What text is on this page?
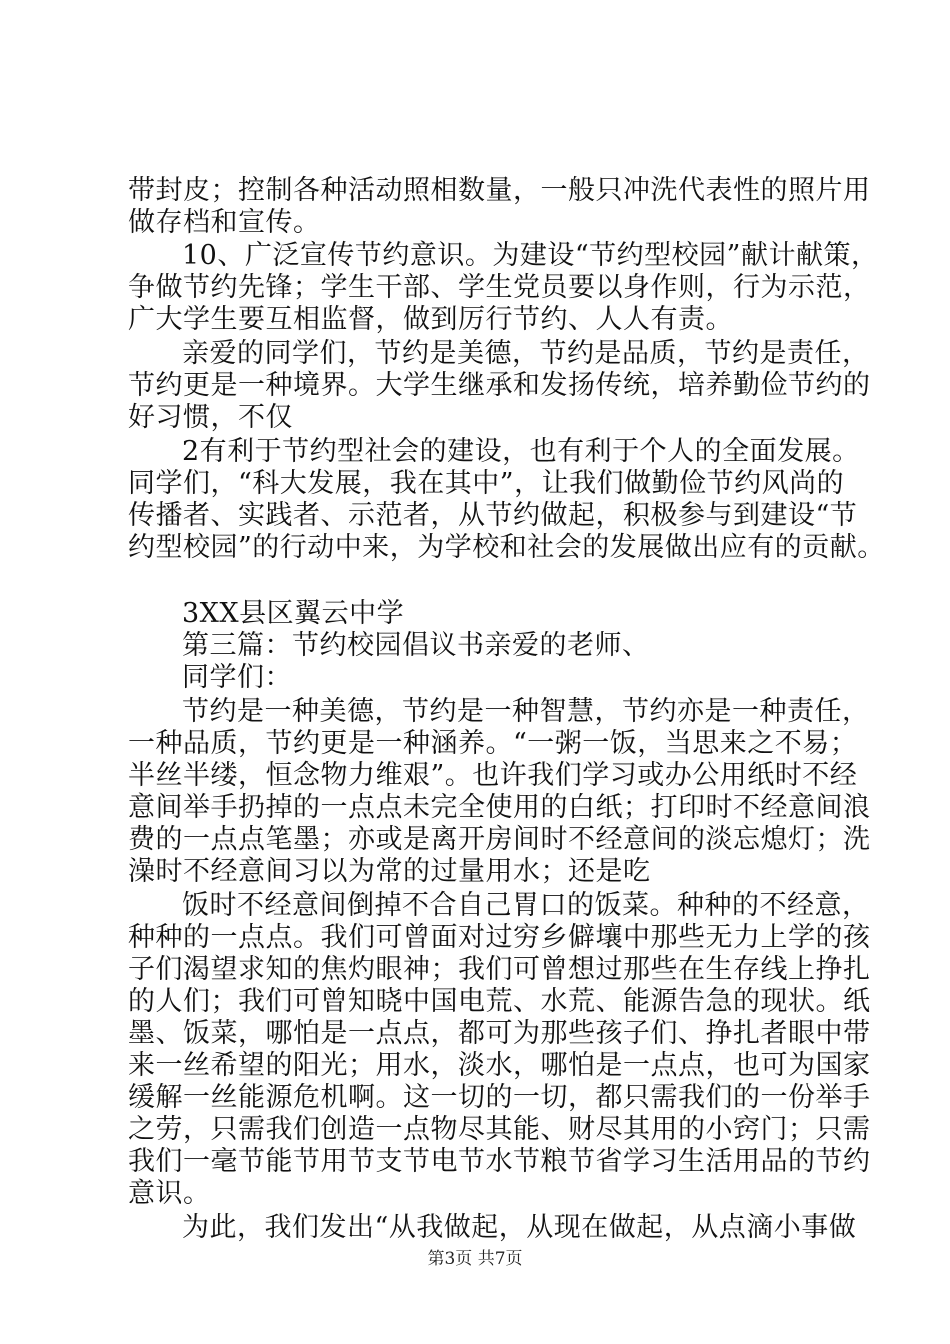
带封皮；控制各种活动照相数量，一般只冲洗代表性的照片用
做存档和宣传。
10、广泛宣传节约意识。为建设“节约型校园”献计献策，
争做节约先锋；学生干部、学生党员要以身作则，行为示范，
广大学生要互相监督，做到厉行节约、人人有责。
亲爱的同学们，节约是美德，节约是品质，节约是责任，
节约更是一种境界。大学生继承和发扬传统，培养勤俭节约的
好习惯，不仅
2有利于节约型社会的建设，也有利于个人的全面发展。
同学们，“科大发展，我在其中”，让我们做勤俭节约风尚的
传播者、实践者、示范者，从节约做起，积极参与到建设“节
约型校园”的行动中来，为学校和社会的发展做出应有的贡献。
3XX县区翼云中学
第三篇：节约校园倡议书亲爱的老师、
同学们：
节约是一种美德，节约是一种智慧，节约亦是一种责任，
一种品质，节约更是一种涵养。“一粥一饭，当思来之不易；
半丝半缕，恒念物力维艰”。也许我们学习或办公用纸时不经
意间举手扔掉的一点点未完全使用的白纸；打印时不经意间浪
费的一点点笔墨；亦或是离开房间时不经意间的淡忘熄灯；洗
澡时不经意间习以为常的过量用水；还是吃
饭时不经意间倒掉不合自己胃口的饭菜。种种的不经意，
种种的一点点。我们可曾面对过穷乡僻壤中那些无力上学的孩
子们渴望求知的焦灼眼神；我们可曾想过那些在生存线上挣扎
的人们；我们可曾知晓中国电荒、水荒、能源告急的现状。纸
墨、饭菜，哪怕是一点点，都可为那些孩子们、挣扎者眼中带
来一丝希望的阳光；用水，淡水，哪怕是一点点，也可为国家
缓解一丝能源危机啊。这一切的一切，都只需我们的一份举手
之劳，只需我们创造一点物尽其能、财尽其用的小窍门；只需
我们一毫节能节用节支节电节水节粮节省学习生活用品的节约
意识。
为此，我们发出“从我做起，从现在做起，从点滴小事做
第3页 共7页
